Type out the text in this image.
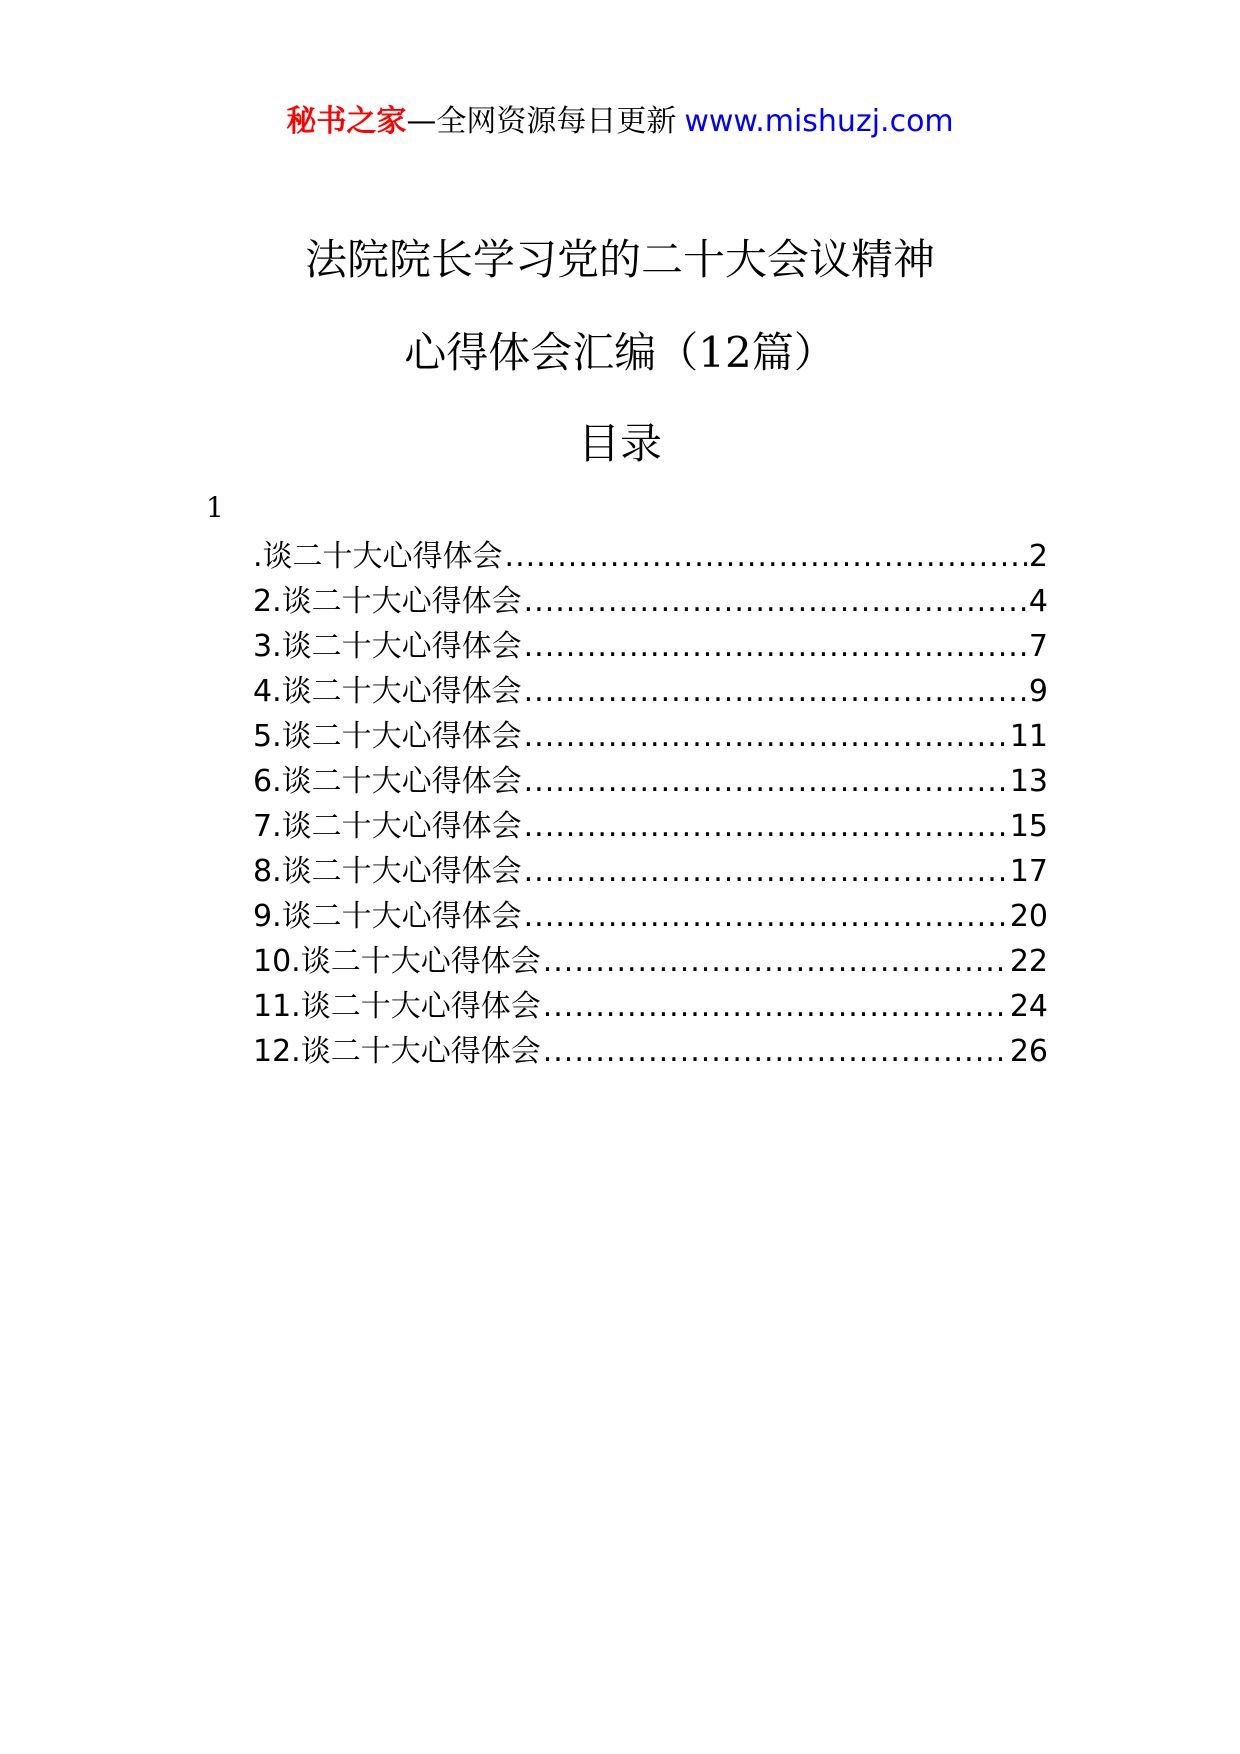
秘书之家—全网资源每日更新 www.mishuzj.com
法院院长学习党的二十大会议精神
心得体会汇编（12篇）
目录
1
.谈二十大心得体会 .....	2
2.谈二十大心得体会 .....	4
3.谈二十大心得体会 .....	7
4.谈二十大心得体会 .....	9
5.谈二十大心得体会 .....	11
6.谈二十大心得体会 .....	13
7.谈二十大心得体会 .....	15
8.谈二十大心得体会 .....	17
9.谈二十大心得体会 .....	20
10.谈二十大心得体会 .....	22
11.谈二十大心得体会 .....	24
12.谈二十大心得体会 .....	26
